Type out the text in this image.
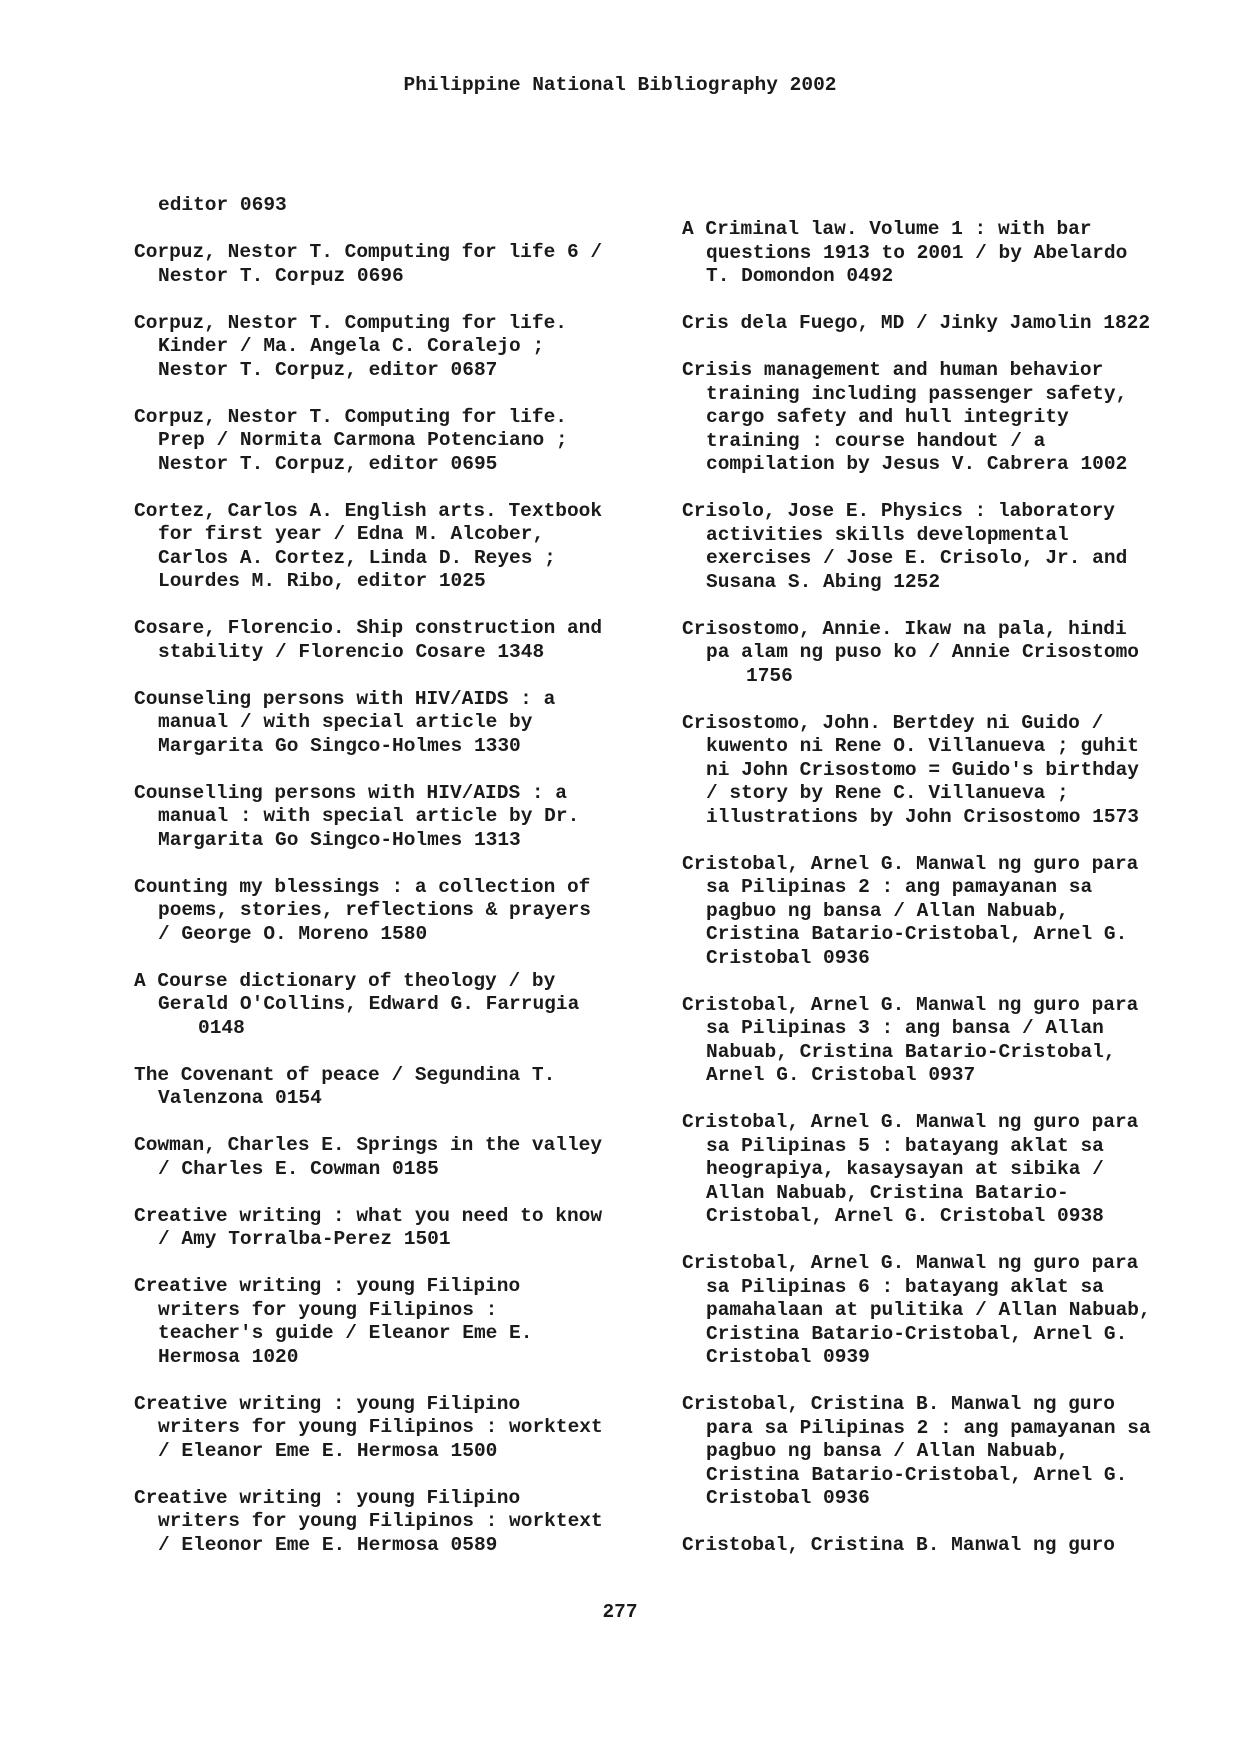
Philippine National Bibliography 2002
editor 0693
Corpuz, Nestor T. Computing for life 6 /
Nestor T. Corpuz 0696
Corpuz, Nestor T. Computing for life.
Kinder / Ma. Angela C. Coralejo ;
Nestor T. Corpuz, editor 0687
Corpuz, Nestor T. Computing for life.
Prep / Normita Carmona Potenciano ;
Nestor T. Corpuz, editor 0695
Cortez, Carlos A. English arts. Textbook
for first year / Edna M. Alcober,
Carlos A. Cortez, Linda D. Reyes ;
Lourdes M. Ribo, editor 1025
Cosare, Florencio. Ship construction and
stability / Florencio Cosare 1348
Counseling persons with HIV/AIDS : a
manual / with special article by
Margarita Go Singco-Holmes 1330
Counselling persons with HIV/AIDS : a
manual : with special article by Dr.
Margarita Go Singco-Holmes 1313
Counting my blessings : a collection of
poems, stories, reflections & prayers
/ George O. Moreno 1580
A Course dictionary of theology / by
Gerald O'Collins, Edward G. Farrugia
0148
The Covenant of peace / Segundina T.
Valenzona 0154
Cowman, Charles E. Springs in the valley
/ Charles E. Cowman 0185
Creative writing : what you need to know
/ Amy Torralba-Perez 1501
Creative writing : young Filipino
writers for young Filipinos :
teacher's guide / Eleanor Eme E.
Hermosa 1020
Creative writing : young Filipino
writers for young Filipinos : worktext
/ Eleanor Eme E. Hermosa 1500
Creative writing : young Filipino
writers for young Filipinos : worktext
/ Eleonor Eme E. Hermosa 0589
A Criminal law. Volume 1 : with bar
questions 1913 to 2001 / by Abelardo
T. Domondon 0492
Cris dela Fuego, MD / Jinky Jamolin 1822
Crisis management and human behavior
training including passenger safety,
cargo safety and hull integrity
training : course handout / a
compilation by Jesus V. Cabrera 1002
Crisolo, Jose E. Physics : laboratory
activities skills developmental
exercises / Jose E. Crisolo, Jr. and
Susana S. Abing 1252
Crisostomo, Annie. Ikaw na pala, hindi
pa alam ng puso ko / Annie Crisostomo
1756
Crisostomo, John. Bertdey ni Guido /
kuwento ni Rene O. Villanueva ; guhit
ni John Crisostomo = Guido's birthday
/ story by Rene C. Villanueva ;
illustrations by John Crisostomo 1573
Cristobal, Arnel G. Manwal ng guro para
sa Pilipinas 2 : ang pamayanan sa
pagbuo ng bansa / Allan Nabuab,
Cristina Batario-Cristobal, Arnel G.
Cristobal 0936
Cristobal, Arnel G. Manwal ng guro para
sa Pilipinas 3 : ang bansa / Allan
Nabuab, Cristina Batario-Cristobal,
Arnel G. Cristobal 0937
Cristobal, Arnel G. Manwal ng guro para
sa Pilipinas 5 : batayang aklat sa
heograpiya, kasaysayan at sibika /
Allan Nabuab, Cristina Batario-
Cristobal, Arnel G. Cristobal 0938
Cristobal, Arnel G. Manwal ng guro para
sa Pilipinas 6 : batayang aklat sa
pamahalaan at pulitika / Allan Nabuab,
Cristina Batario-Cristobal, Arnel G.
Cristobal 0939
Cristobal, Cristina B. Manwal ng guro
para sa Pilipinas 2 : ang pamayanan sa
pagbuo ng bansa / Allan Nabuab,
Cristina Batario-Cristobal, Arnel G.
Cristobal 0936
Cristobal, Cristina B. Manwal ng guro
277
